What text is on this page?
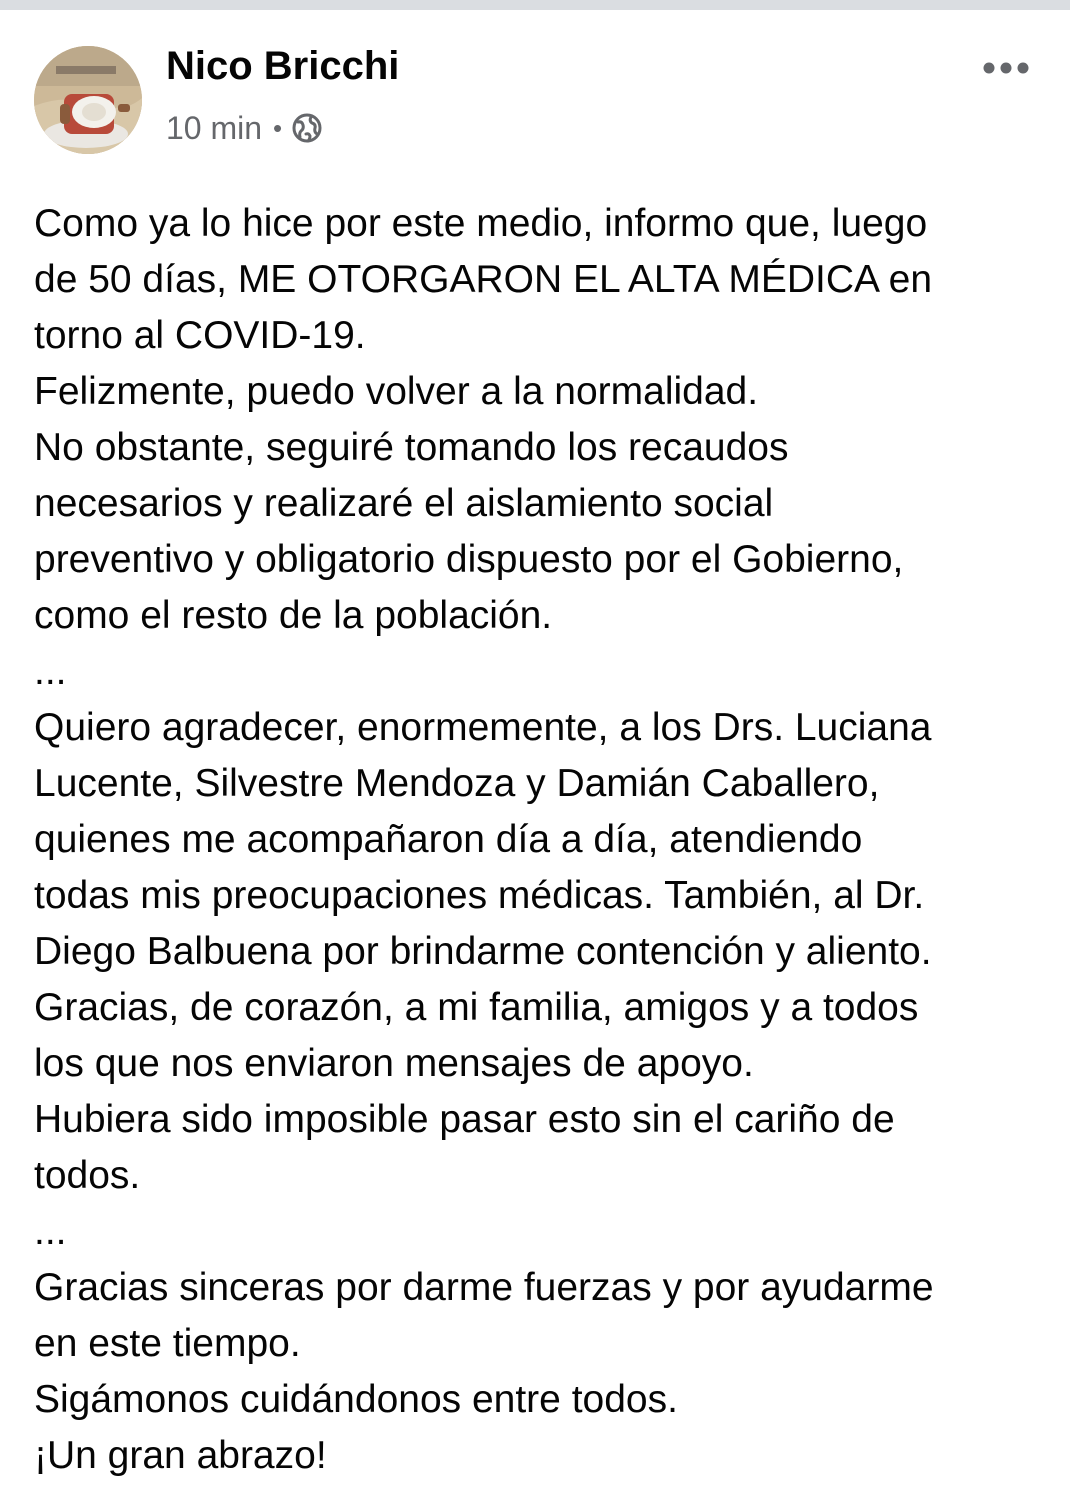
Nico Bricchi
10 min •
Como ya lo hice por este medio, informo que, luego
de 50 días, ME OTORGARON EL ALTA MÉDICA en
torno al COVID-19.
Felizmente, puedo volver a la normalidad.
No obstante, seguiré tomando los recaudos
necesarios y realizaré el aislamiento social
preventivo y obligatorio dispuesto por el Gobierno,
como el resto de la población.
...
Quiero agradecer, enormemente, a los Drs. Luciana
Lucente, Silvestre Mendoza y Damián Caballero,
quienes me acompañaron día a día, atendiendo
todas mis preocupaciones médicas. También, al Dr.
Diego Balbuena por brindarme contención y aliento.
Gracias, de corazón, a mi familia, amigos y a todos
los que nos enviaron mensajes de apoyo.
Hubiera sido imposible pasar esto sin el cariño de
todos.
...
Gracias sinceras por darme fuerzas y por ayudarme
en este tiempo.
Sigámonos cuidándonos entre todos.
¡Un gran abrazo!
